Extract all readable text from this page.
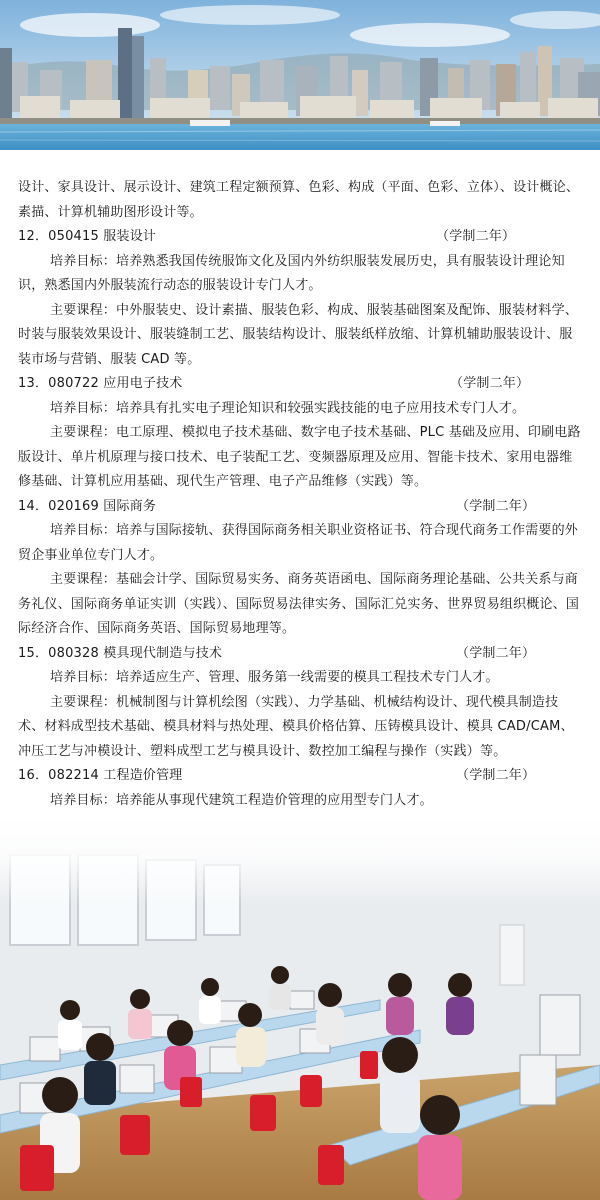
设计、家具设计、展示设计、建筑工程定额预算、色彩、构成（平面、色彩、立体）、设计概论、素描、计算机辅助图形设计等。

12．050415 服装设计	（学制二年）

培养目标：培养熟悉我国传统服饰文化及国内外纺织服装发展历史，具有服装设计理论知识，熟悉国内外服装流行动态的服装设计专门人才。

主要课程：中外服装史、设计素描、服装色彩、构成、服装基础图案及配饰、服装材料学、时装与服装效果设计、服装缝制工艺、服装结构设计、服装纸样放缩、计算机辅助服装设计、服装市场与营销、服装 CAD 等。

13．080722 应用电子技术	（学制二年）

培养目标：培养具有扎实电子理论知识和较强实践技能的电子应用技术专门人才。

主要课程：电工原理、模拟电子技术基础、数字电子技术基础、PLC 基础及应用、印刷电路版设计、单片机原理与接口技术、电子装配工艺、变频器原理及应用、智能卡技术、家用电器维修基础、计算机应用基础、现代生产管理、电子产品维修（实践）等。

14．020169 国际商务	（学制二年）

培养目标：培养与国际接轨、获得国际商务相关职业资格证书、符合现代商务工作需要的外贸企事业单位专门人才。

主要课程：基础会计学、国际贸易实务、商务英语函电、国际商务理论基础、公共关系与商务礼仪、国际商务单证实训（实践）、国际贸易法律实务、国际汇兑实务、世界贸易组织概论、国际经济合作、国际商务英语、国际贸易地理等。

15．080328 模具现代制造与技术	（学制二年）

培养目标：培养适应生产、管理、服务第一线需要的模具工程技术专门人才。

主要课程：机械制图与计算机绘图（实践）、力学基础、机械结构设计、现代模具制造技术、材料成型技术基础、模具材料与热处理、模具价格估算、压铸模具设计、模具 CAD/CAM、冲压工艺与冲模设计、塑料成型工艺与模具设计、数控加工编程与操作（实践）等。

16．082214 工程造价管理	（学制二年）

培养目标：培养能从事现代建筑工程造价管理的应用型专门人才。
